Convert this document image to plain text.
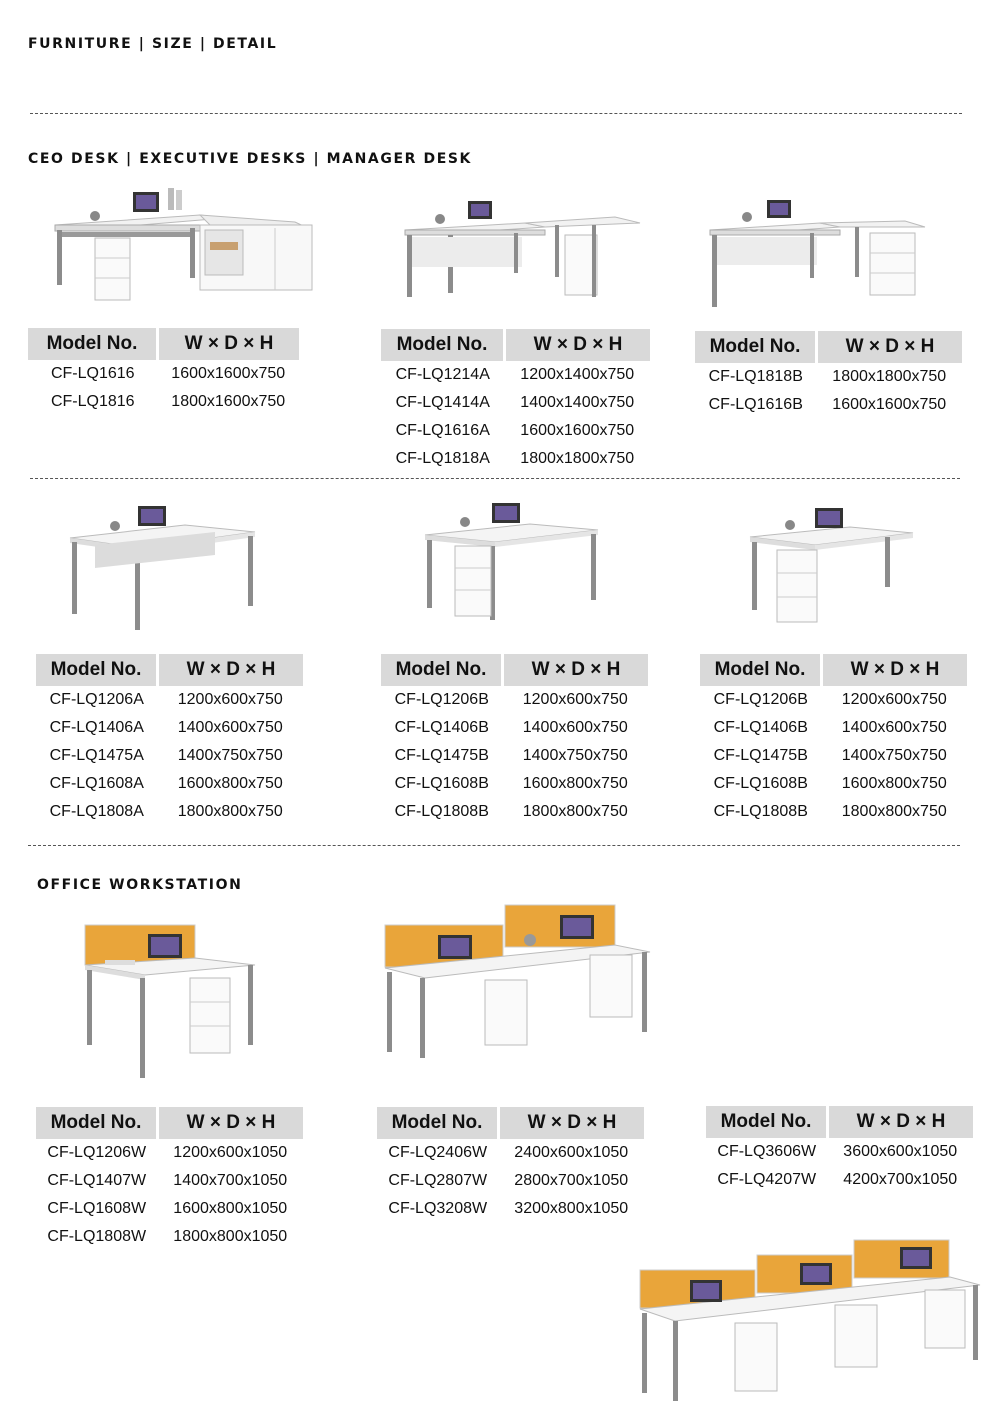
FURNITURE | SIZE | DETAIL
CEO DESK | EXECUTIVE DESKS | MANAGER DESK
OFFICE WORKSTATION
Model No.	W × D × H
CF-LQ1616	1600x1600x750
CF-LQ1816	1800x1600x750
Model No.	W × D × H
CF-LQ1214A	1200x1400x750
CF-LQ1414A	1400x1400x750
CF-LQ1616A	1600x1600x750
CF-LQ1818A	1800x1800x750
Model No.	W × D × H
CF-LQ1818B	1800x1800x750
CF-LQ1616B	1600x1600x750
Model No.	W × D × H
CF-LQ1206A	1200x600x750
CF-LQ1406A	1400x600x750
CF-LQ1475A	1400x750x750
CF-LQ1608A	1600x800x750
CF-LQ1808A	1800x800x750
Model No.	W × D × H
CF-LQ1206B	1200x600x750
CF-LQ1406B	1400x600x750
CF-LQ1475B	1400x750x750
CF-LQ1608B	1600x800x750
CF-LQ1808B	1800x800x750
Model No.	W × D × H
CF-LQ1206B	1200x600x750
CF-LQ1406B	1400x600x750
CF-LQ1475B	1400x750x750
CF-LQ1608B	1600x800x750
CF-LQ1808B	1800x800x750
Model No.	W × D × H
CF-LQ1206W	1200x600x1050
CF-LQ1407W	1400x700x1050
CF-LQ1608W	1600x800x1050
CF-LQ1808W	1800x800x1050
Model No.	W × D × H
CF-LQ2406W	2400x600x1050
CF-LQ2807W	2800x700x1050
CF-LQ3208W	3200x800x1050
Model No.	W × D × H
CF-LQ3606W	3600x600x1050
CF-LQ4207W	4200x700x1050
